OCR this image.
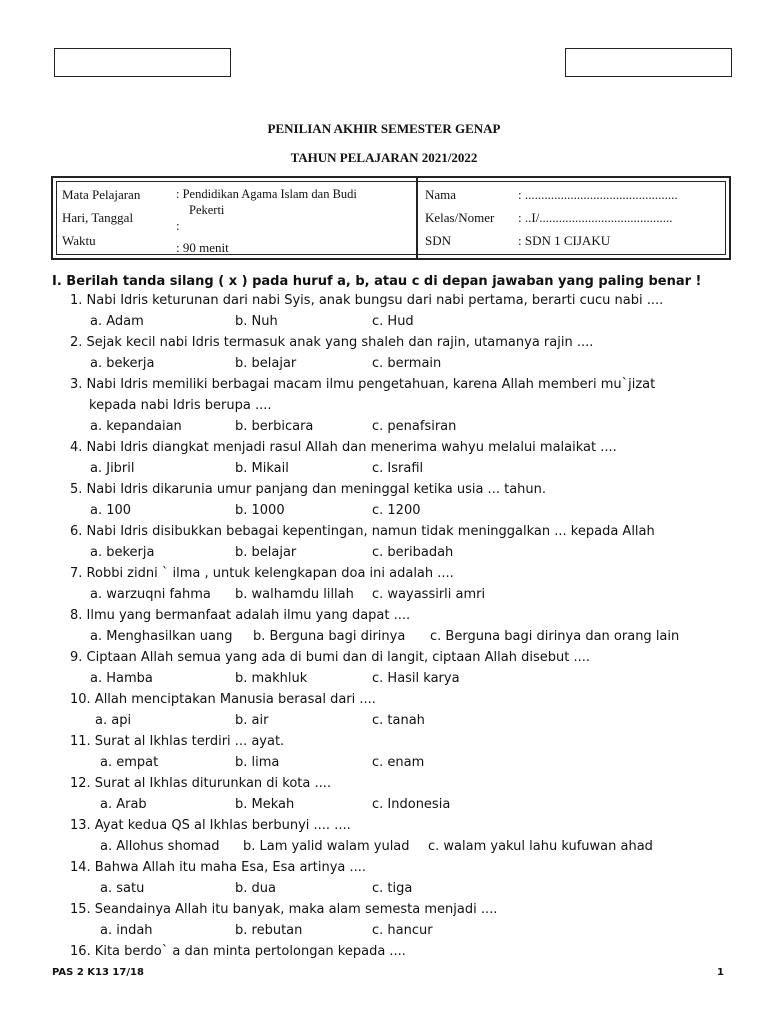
PENILIAN AKHIR SEMESTER GENAP
TAHUN PELAJARAN 2021/2022
Mata Pelajaran	: Pendidikan Agama Islam dan Budi
Pekerti
Hari, Tanggal
:
Waktu	: 90 menit
Nama	: ...............................................
Kelas/Nomer : ..I/.........................................
SDN	: SDN 1 CIJAKU
I. Berilah tanda silang ( x ) pada huruf a, b, atau c di depan jawaban yang paling benar !
1. Nabi Idris keturunan dari nabi Syis, anak bungsu dari nabi pertama, berarti cucu nabi ....
a. Adam	b. Nuh	c. Hud
2. Sejak kecil nabi Idris termasuk anak yang shaleh dan rajin, utamanya rajin ....
a. bekerja	b. belajar	c. bermain
3. Nabi Idris memiliki berbagai macam ilmu pengetahuan, karena Allah memberi mu`jizat
kepada nabi Idris berupa ....
a. kepandaian	b. berbicara	c. penafsiran
4. Nabi Idris diangkat menjadi rasul Allah dan menerima wahyu melalui malaikat ....
a. Jibril	b. Mikail	c. Israfil
5. Nabi Idris dikarunia umur panjang dan meninggal ketika usia ... tahun.
a. 100	b. 1000	c. 1200
6. Nabi Idris disibukkan bebagai kepentingan, namun tidak meninggalkan ... kepada Allah
a. bekerja	b. belajar	c. beribadah
7. Robbi zidni ` ilma , untuk kelengkapan doa ini adalah ....
a. warzuqni fahma b. walhamdu lillah c. wayassirli amri
8. Ilmu yang bermanfaat adalah ilmu yang dapat ....
a. Menghasilkan uang b. Berguna bagi dirinya c. Berguna bagi dirinya dan orang lain
9. Ciptaan Allah semua yang ada di bumi dan di langit, ciptaan Allah disebut ....
a. Hamba	b. makhluk	c. Hasil karya
10. Allah menciptakan Manusia berasal dari ....
a. api	b. air	c. tanah
11. Surat al Ikhlas terdiri ... ayat.
a. empat	b. lima	c. enam
12. Surat al Ikhlas diturunkan di kota ....
a. Arab	b. Mekah	c. Indonesia
13. Ayat kedua QS al Ikhlas berbunyi .... ....
a. Allohus shomad b. Lam yalid walam yulad c. walam yakul lahu kufuwan ahad
14. Bahwa Allah itu maha Esa, Esa artinya ....
a. satu	b. dua	c. tiga
15. Seandainya Allah itu banyak, maka alam semesta menjadi ....
a. indah	b. rebutan	c. hancur
16. Kita berdo` a dan minta pertolongan kepada ....
PAS 2 K13 17/18	1
